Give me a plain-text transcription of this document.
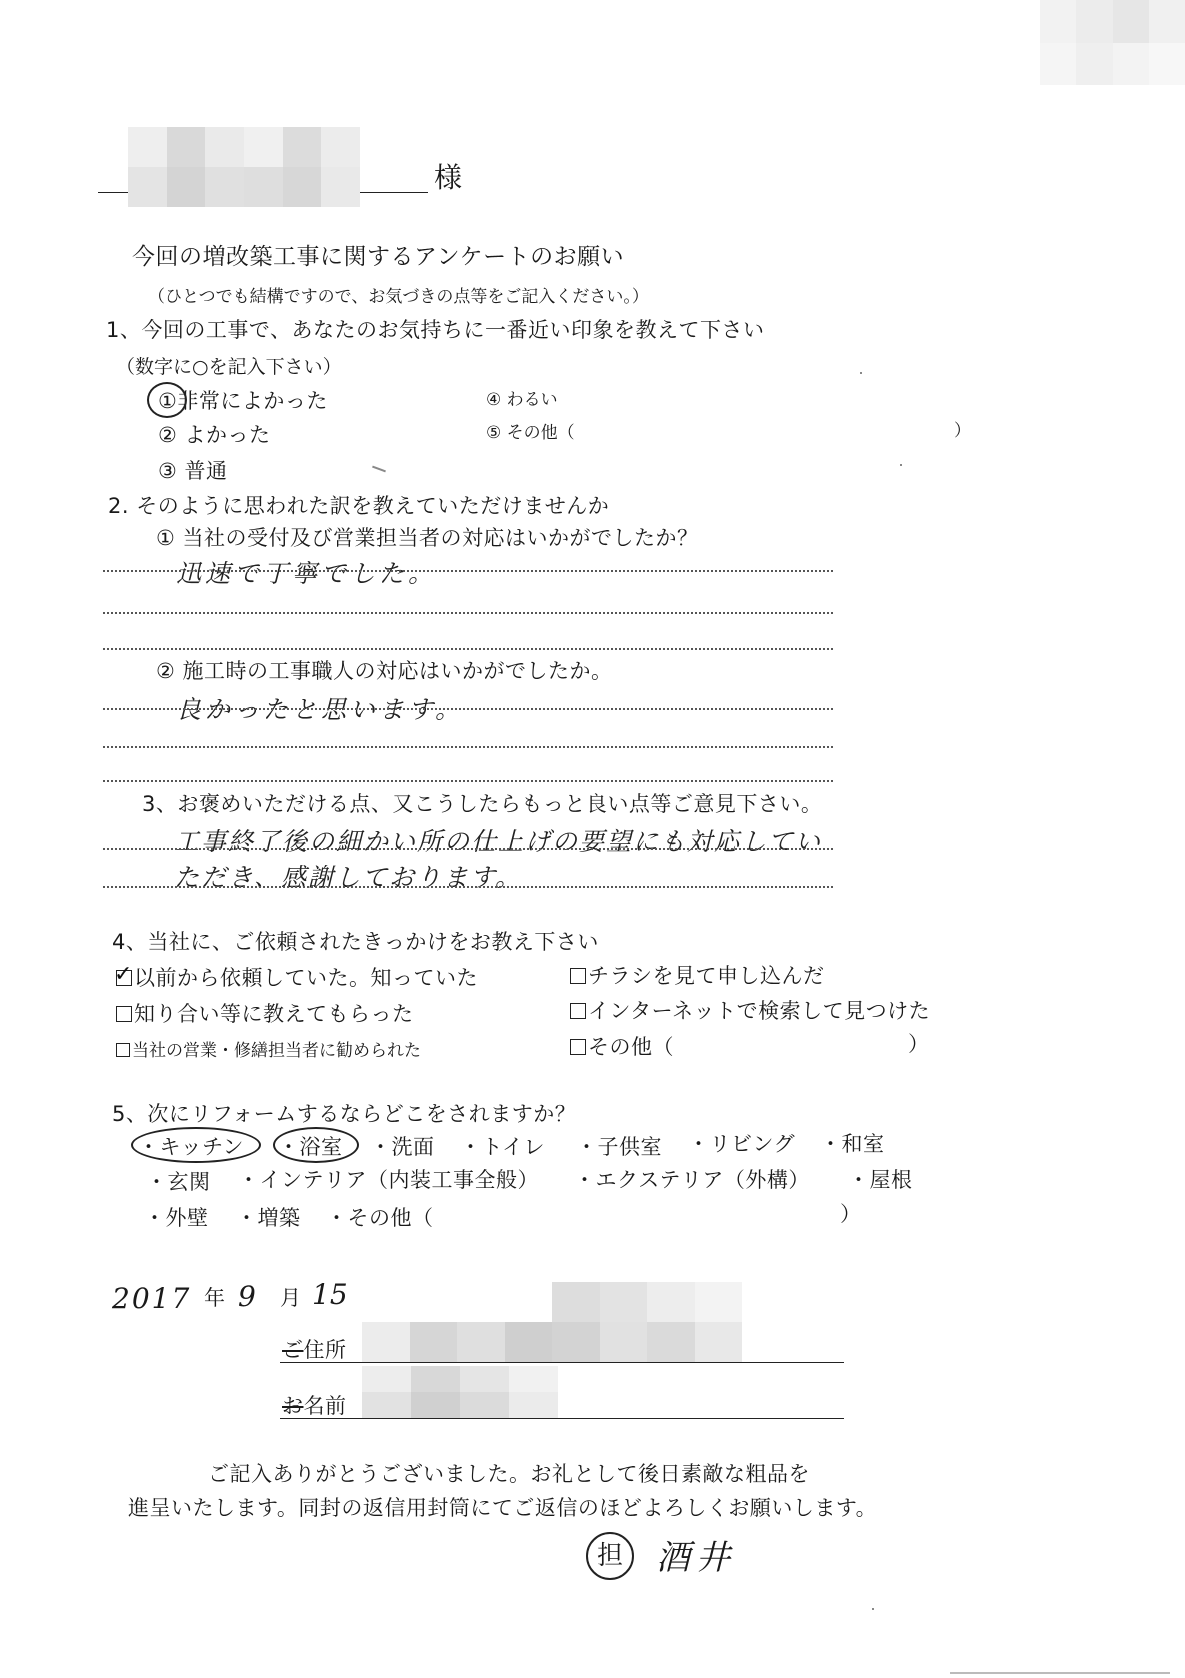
様
今回の増改築工事に関するアンケートのお願い
（ひとつでも結構ですので、お気づきの点等をご記入ください。）
1、今回の工事で、あなたのお気持ちに一番近い印象を教えて下さい
（数字に○を記入下さい）
①非常によかった
② よかった
③ 普通
④ わるい
⑤ その他（	）
2. そのように思われた訳を教えていただけませんか
① 当社の受付及び営業担当者の対応はいかがでしたか？
迅速で丁寧でした。
② 施工時の工事職人の対応はいかがでしたか。
良かったと思います。
3、お褒めいただける点、又こうしたらもっと良い点等ご意見下さい。
工事終了後の細かい所の仕上げの要望にも対応してい
ただき、感謝しております。
4、当社に、ご依頼されたきっかけをお教え下さい
✓ 以前から依頼していた。知っていた
知り合い等に教えてもらった
当社の営業・修繕担当者に勧められた
チラシを見て申し込んだ
インターネットで検索して見つけた
その他（	）
5、次にリフォームするならどこをされますか？
・キッチン ・浴室 ・洗面 ・トイレ ・子供室 ・リビング ・和室
・玄関 ・インテリア（内装工事全般） ・エクステリア（外構） ・屋根
・外壁 ・増築 ・その他（	）
2017 年 9 月 15
ご住所
お名前
ご記入ありがとうございました。お礼として後日素敵な粗品を
進呈いたします。同封の返信用封筒にてご返信のほどよろしくお願いします。
担 酒井
